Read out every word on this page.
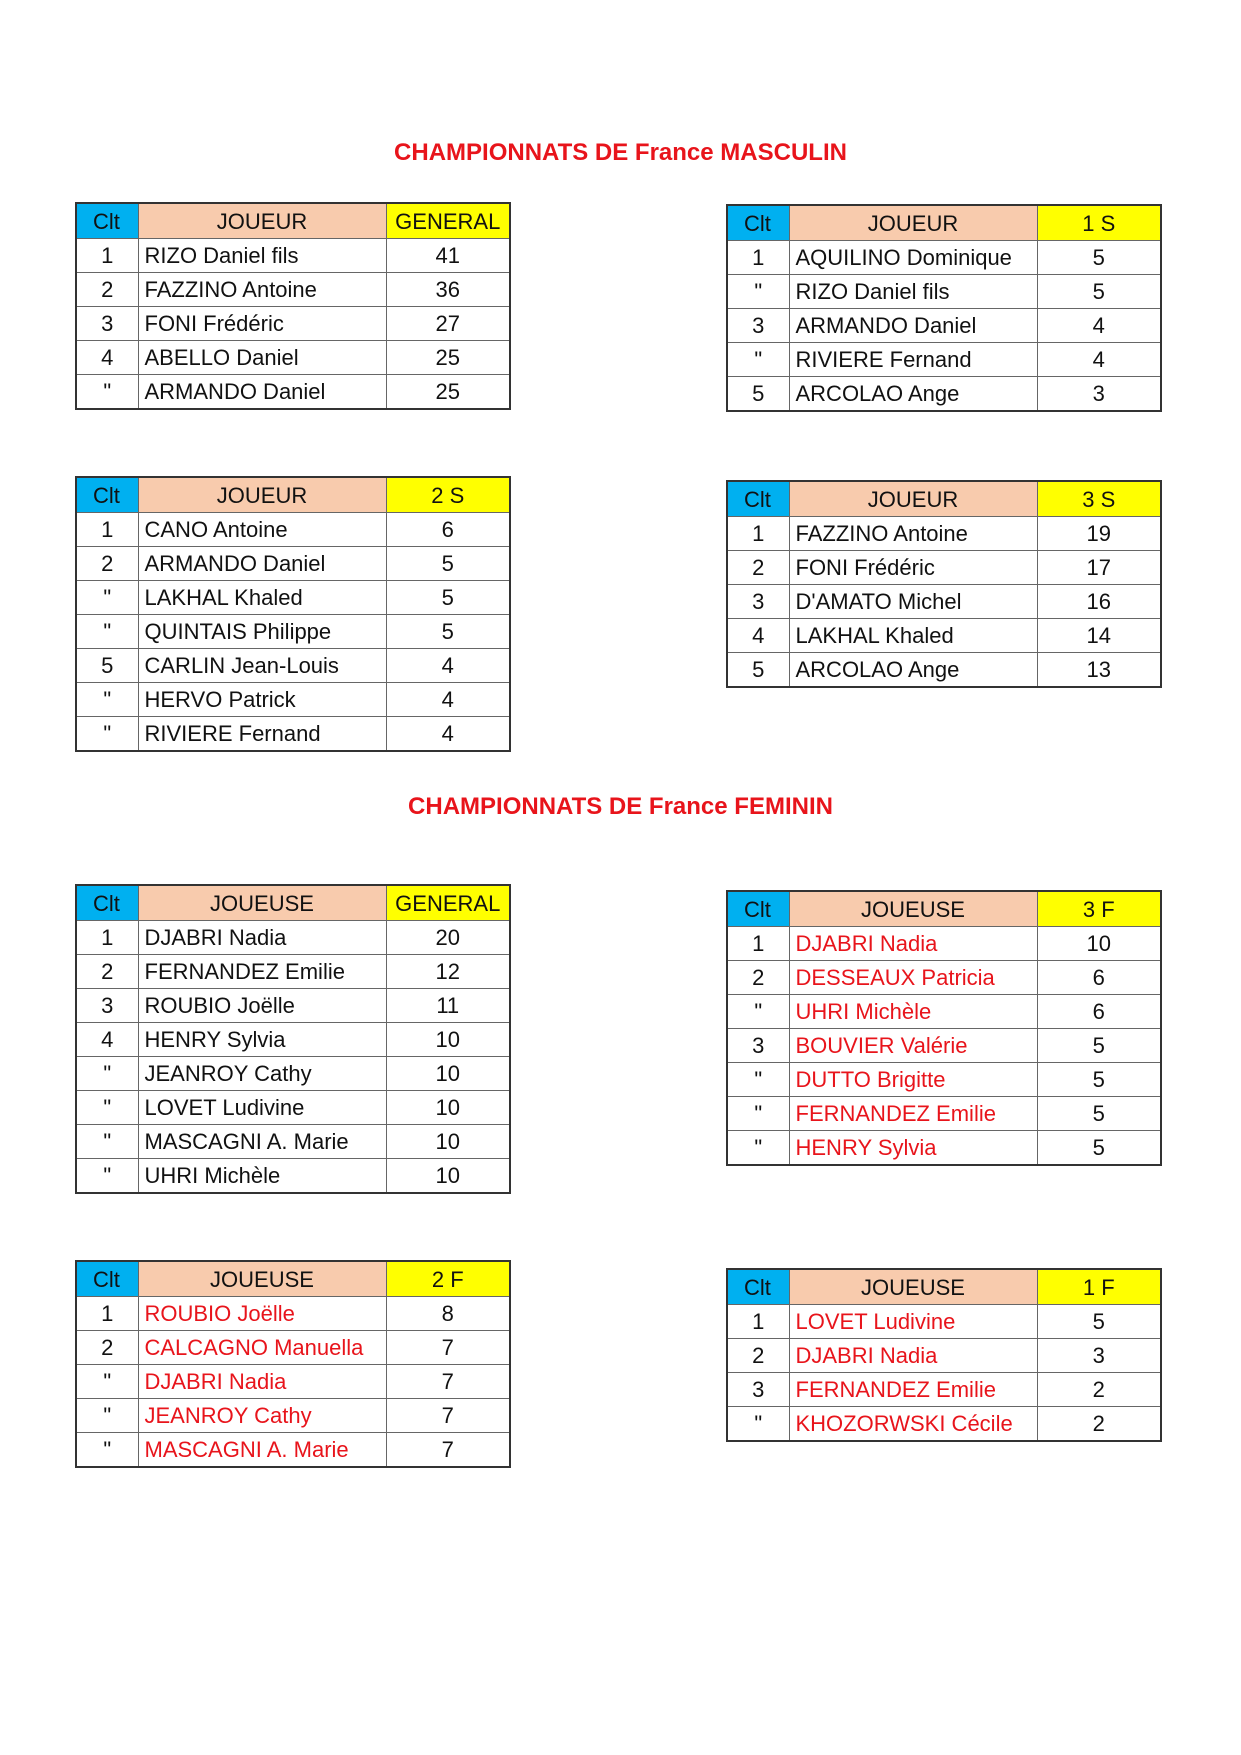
CHAMPIONNATS DE France MASCULIN
CHAMPIONNATS DE France FEMININ
Clt	JOUEUR	GENERAL
1	RIZO Daniel fils	41
2	FAZZINO Antoine	36
3	FONI Frédéric	27
4	ABELLO Daniel	25
"	ARMANDO Daniel	25
Clt	JOUEUR	1 S
1	AQUILINO Dominique	5
"	RIZO Daniel fils	5
3	ARMANDO Daniel	4
"	RIVIERE Fernand	4
5	ARCOLAO Ange	3
Clt	JOUEUR	2 S
1	CANO Antoine	6
2	ARMANDO Daniel	5
"	LAKHAL Khaled	5
"	QUINTAIS Philippe	5
5	CARLIN Jean-Louis	4
"	HERVO Patrick	4
"	RIVIERE Fernand	4
Clt	JOUEUR	3 S
1	FAZZINO Antoine	19
2	FONI Frédéric	17
3	D'AMATO Michel	16
4	LAKHAL Khaled	14
5	ARCOLAO Ange	13
Clt	JOUEUSE	GENERAL
1	DJABRI Nadia	20
2	FERNANDEZ Emilie	12
3	ROUBIO Joëlle	11
4	HENRY Sylvia	10
"	JEANROY Cathy	10
"	LOVET Ludivine	10
"	MASCAGNI A. Marie	10
"	UHRI Michèle	10
Clt	JOUEUSE	3 F
1	DJABRI Nadia	10
2	DESSEAUX Patricia	6
"	UHRI Michèle	6
3	BOUVIER Valérie	5
"	DUTTO Brigitte	5
"	FERNANDEZ Emilie	5
"	HENRY Sylvia	5
Clt	JOUEUSE	2 F
1	ROUBIO Joëlle	8
2	CALCAGNO Manuella	7
"	DJABRI Nadia	7
"	JEANROY Cathy	7
"	MASCAGNI A. Marie	7
Clt	JOUEUSE	1 F
1	LOVET Ludivine	5
2	DJABRI Nadia	3
3	FERNANDEZ Emilie	2
"	KHOZORWSKI Cécile	2
